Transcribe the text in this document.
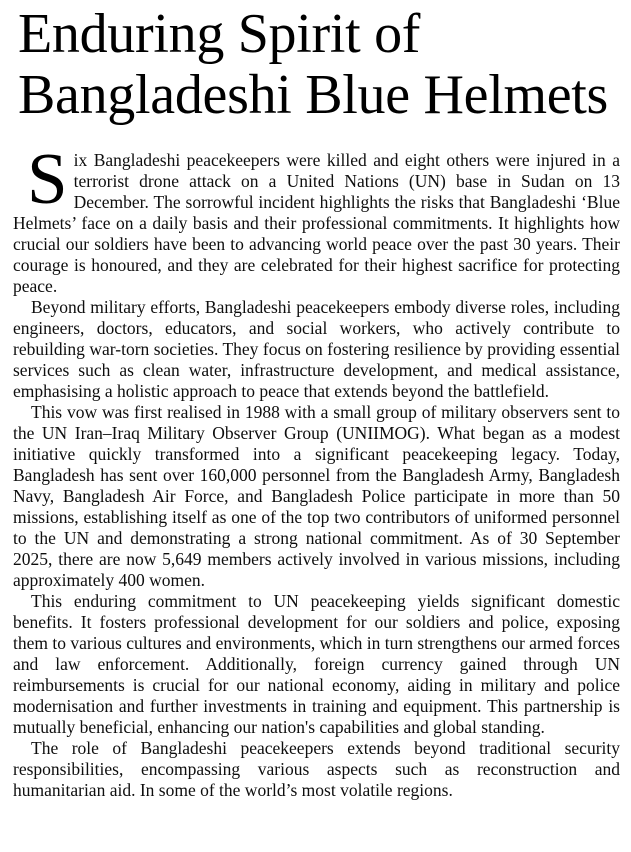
Enduring Spirit of
Bangladeshi Blue Helmets

Six Bangladeshi peacekeepers were killed and eight others were injured in a terrorist drone attack on a United Nations (UN) base in Sudan on 13 December. The sorrowful incident highlights the risks that Bangladeshi ‘Blue Helmets’ face on a daily basis and their professional commitments. It highlights how crucial our soldiers have been to advancing world peace over the past 30 years. Their courage is honoured, and they are celebrated for their highest sacrifice for protecting peace.

Beyond military efforts, Bangladeshi peacekeepers embody diverse roles, including engineers, doctors, educators, and social workers, who actively contribute to rebuilding war-torn societies. They focus on fostering resilience by providing essential services such as clean water, infrastructure development, and medical assistance, emphasising a holistic approach to peace that extends beyond the battlefield.

This vow was first realised in 1988 with a small group of military observers sent to the UN Iran–Iraq Military Observer Group (UNIIMOG). What began as a modest initiative quickly transformed into a significant peacekeeping legacy. Today, Bangladesh has sent over 160,000 personnel from the Bangladesh Army, Bangladesh Navy, Bangladesh Air Force, and Bangladesh Police participate in more than 50 missions, establishing itself as one of the top two contributors of uniformed personnel to the UN and demonstrating a strong national commitment. As of 30 September 2025, there are now 5,649 members actively involved in various missions, including approximately 400 women.

This enduring commitment to UN peacekeeping yields significant domestic benefits. It fosters professional development for our soldiers and police, exposing them to various cultures and environments, which in turn strengthens our armed forces and law enforcement. Additionally, foreign currency gained through UN reimbursements is crucial for our national economy, aiding in military and police modernisation and further investments in training and equipment. This partnership is mutually beneficial, enhancing our nation's capabilities and global standing.

The role of Bangladeshi peacekeepers extends beyond traditional security responsibilities, encompassing various aspects such as reconstruction and humanitarian aid. In some of the world’s most volatile regions.
